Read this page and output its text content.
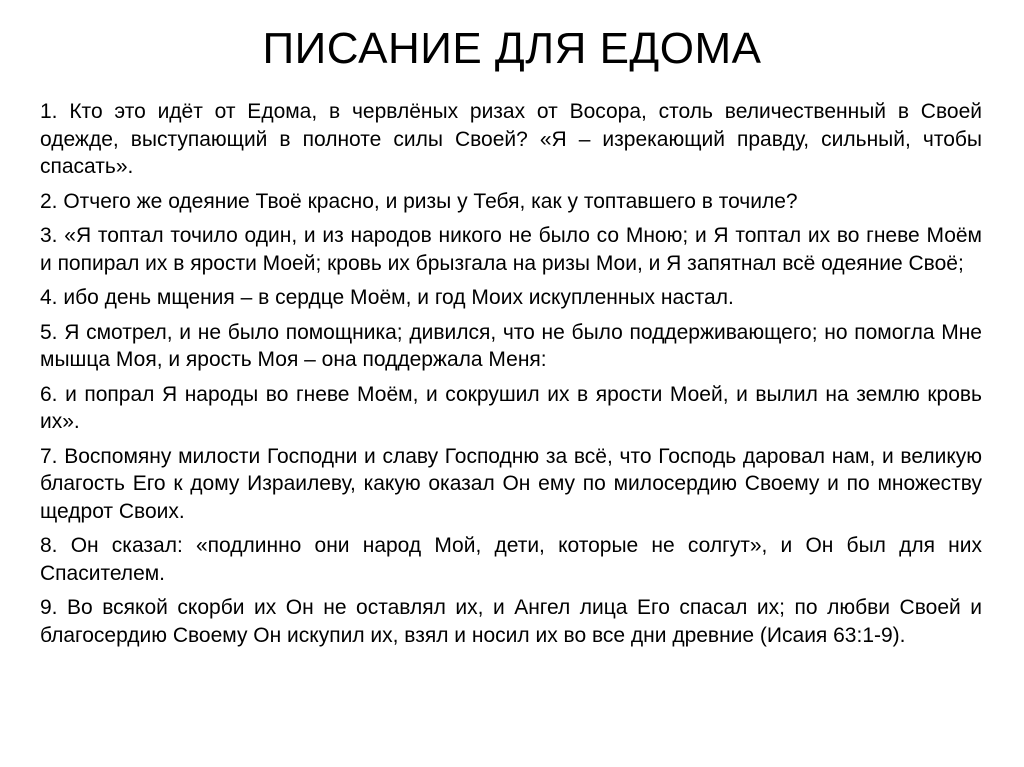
ПИСАНИЕ ДЛЯ ЕДОМА
1. Кто это идёт от Едома, в червлёных ризах от Восора, столь величественный в Своей одежде, выступающий в полноте силы Своей? «Я – изрекающий правду, сильный, чтобы спасать».
2. Отчего же одеяние Твоё красно, и ризы у Тебя, как у топтавшего в точиле?
3. «Я топтал точило один, и из народов никого не было со Мною; и Я топтал их во гневе Моём и попирал их в ярости Моей; кровь их брызгала на ризы Мои, и Я запятнал всё одеяние Своё;
4. ибо день мщения – в сердце Моём, и год Моих искупленных настал.
5. Я смотрел, и не было помощника; дивился, что не было поддерживающего; но помогла Мне мышца Моя, и ярость Моя – она поддержала Меня:
6. и попрал Я народы во гневе Моём, и сокрушил их в ярости Моей, и вылил на землю кровь их».
7. Воспомяну милости Господни и славу Господню за всё, что Господь даровал нам, и великую благость Его к дому Израилеву, какую оказал Он ему по милосердию Своему и по множеству щедрот Своих.
8. Он сказал: «подлинно они народ Мой, дети, которые не солгут», и Он был для них Спасителем.
9. Во всякой скорби их Он не оставлял их, и Ангел лица Его спасал их; по любви Своей и благосердию Своему Он искупил их, взял и носил их во все дни древние (Исаия 63:1-9).
